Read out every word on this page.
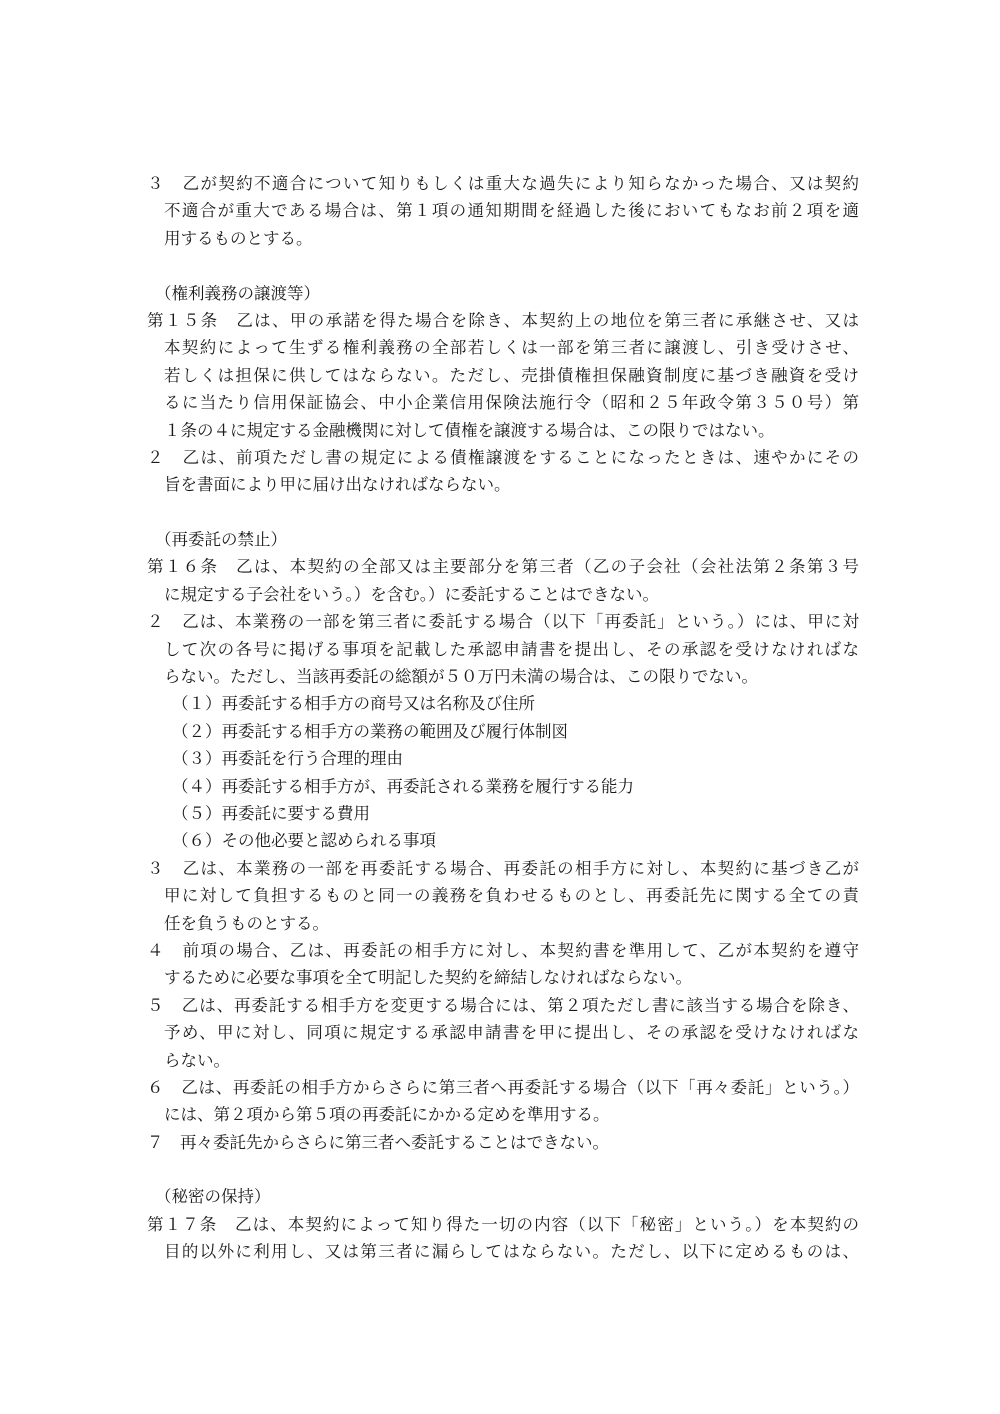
３　乙が契約不適合について知りもしくは重大な過失により知らなかった場合、又は契約
不適合が重大である場合は、第１項の通知期間を経過した後においてもなお前２項を適
用するものとする。
（権利義務の譲渡等）
第１５条　乙は、甲の承諾を得た場合を除き、本契約上の地位を第三者に承継させ、又は
本契約によって生ずる権利義務の全部若しくは一部を第三者に譲渡し、引き受けさせ、
若しくは担保に供してはならない。ただし、売掛債権担保融資制度に基づき融資を受け
るに当たり信用保証協会、中小企業信用保険法施行令（昭和２５年政令第３５０号）第
１条の４に規定する金融機関に対して債権を譲渡する場合は、この限りではない。
２　乙は、前項ただし書の規定による債権譲渡をすることになったときは、速やかにその
旨を書面により甲に届け出なければならない。
（再委託の禁止）
第１６条　乙は、本契約の全部又は主要部分を第三者（乙の子会社（会社法第２条第３号
に規定する子会社をいう。）を含む。）に委託することはできない。
２　乙は、本業務の一部を第三者に委託する場合（以下「再委託」という。）には、甲に対
して次の各号に掲げる事項を記載した承認申請書を提出し、その承認を受けなければな
らない。ただし、当該再委託の総額が５０万円未満の場合は、この限りでない。
（１）再委託する相手方の商号又は名称及び住所
（２）再委託する相手方の業務の範囲及び履行体制図
（３）再委託を行う合理的理由
（４）再委託する相手方が、再委託される業務を履行する能力
（５）再委託に要する費用
（６）その他必要と認められる事項
３　乙は、本業務の一部を再委託する場合、再委託の相手方に対し、本契約に基づき乙が
甲に対して負担するものと同一の義務を負わせるものとし、再委託先に関する全ての責
任を負うものとする。
４　前項の場合、乙は、再委託の相手方に対し、本契約書を準用して、乙が本契約を遵守
するために必要な事項を全て明記した契約を締結しなければならない。
５　乙は、再委託する相手方を変更する場合には、第２項ただし書に該当する場合を除き、
予め、甲に対し、同項に規定する承認申請書を甲に提出し、その承認を受けなければな
らない。
６　乙は、再委託の相手方からさらに第三者へ再委託する場合（以下「再々委託」という。）
には、第２項から第５項の再委託にかかる定めを準用する。
７　再々委託先からさらに第三者へ委託することはできない。
（秘密の保持）
第１７条　乙は、本契約によって知り得た一切の内容（以下「秘密」という。）を本契約の
目的以外に利用し、又は第三者に漏らしてはならない。ただし、以下に定めるものは、
